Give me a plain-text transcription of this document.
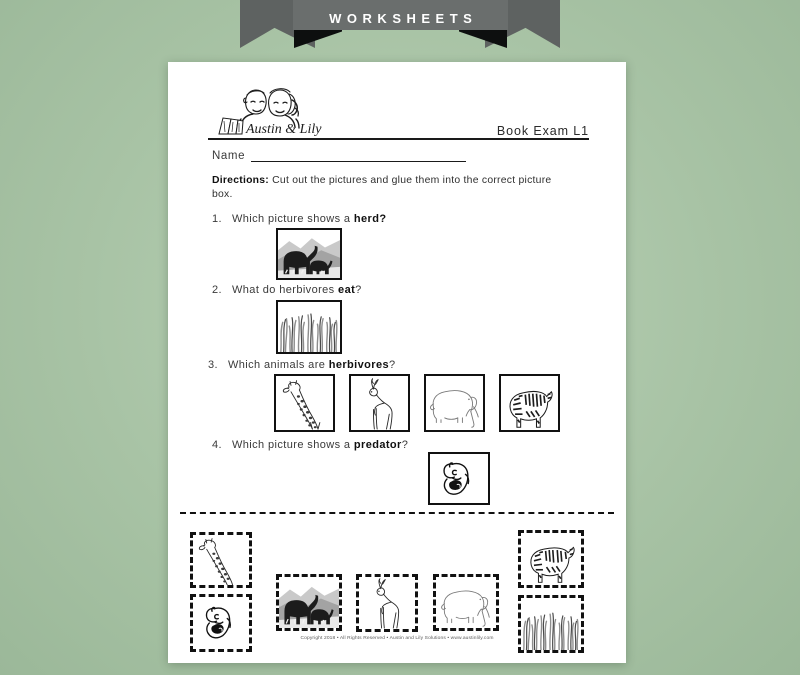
WORKSHEETS
Austin & Lily	Book Exam L1
Name
Directions: Cut out the pictures and glue them into the correct picture box.
1. Which picture shows a herd?
2. What do herbivores eat?
3. Which animals are herbivores?
4. Which picture shows a predator?
Copyright 2018 • All Rights Reserved • Austin and Lily Solutions • www.austinlily.com
